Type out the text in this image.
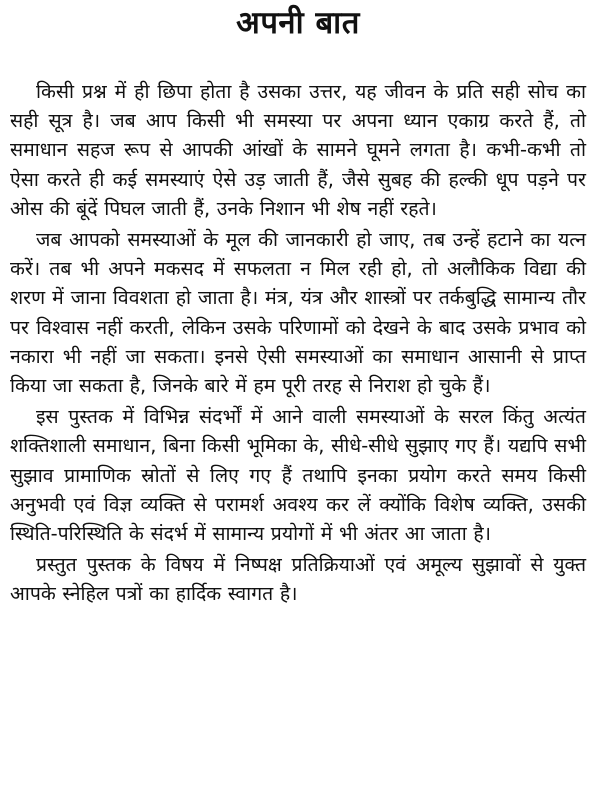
अपनी बात

किसी प्रश्न में ही छिपा होता है उसका उत्तर, यह जीवन के प्रति सही सोच का सही सूत्र है। जब आप किसी भी समस्या पर अपना ध्यान एकाग्र करते हैं, तो समाधान सहज रूप से आपकी आंखों के सामने घूमने लगता है। कभी-कभी तो ऐसा करते ही कई समस्याएं ऐसे उड़ जाती हैं, जैसे सुबह की हल्की धूप पड़ने पर ओस की बूंदें पिघल जाती हैं, उनके निशान भी शेष नहीं रहते।

जब आपको समस्याओं के मूल की जानकारी हो जाए, तब उन्हें हटाने का यत्न करें। तब भी अपने मकसद में सफलता न मिल रही हो, तो अलौकिक विद्या की शरण में जाना विवशता हो जाता है। मंत्र, यंत्र और शास्त्रों पर तर्कबुद्धि सामान्य तौर पर विश्वास नहीं करती, लेकिन उसके परिणामों को देखने के बाद उसके प्रभाव को नकारा भी नहीं जा सकता। इनसे ऐसी समस्याओं का समाधान आसानी से प्राप्त किया जा सकता है, जिनके बारे में हम पूरी तरह से निराश हो चुके हैं।

इस पुस्तक में विभिन्न संदर्भों में आने वाली समस्याओं के सरल किंतु अत्यंत शक्तिशाली समाधान, बिना किसी भूमिका के, सीधे-सीधे सुझाए गए हैं। यद्यपि सभी सुझाव प्रामाणिक स्रोतों से लिए गए हैं तथापि इनका प्रयोग करते समय किसी अनुभवी एवं विज्ञ व्यक्ति से परामर्श अवश्य कर लें क्योंकि विशेष व्यक्ति, उसकी स्थिति-परिस्थिति के संदर्भ में सामान्य प्रयोगों में भी अंतर आ जाता है।

प्रस्तुत पुस्तक के विषय में निष्पक्ष प्रतिक्रियाओं एवं अमूल्य सुझावों से युक्त आपके स्नेहिल पत्रों का हार्दिक स्वागत है।
